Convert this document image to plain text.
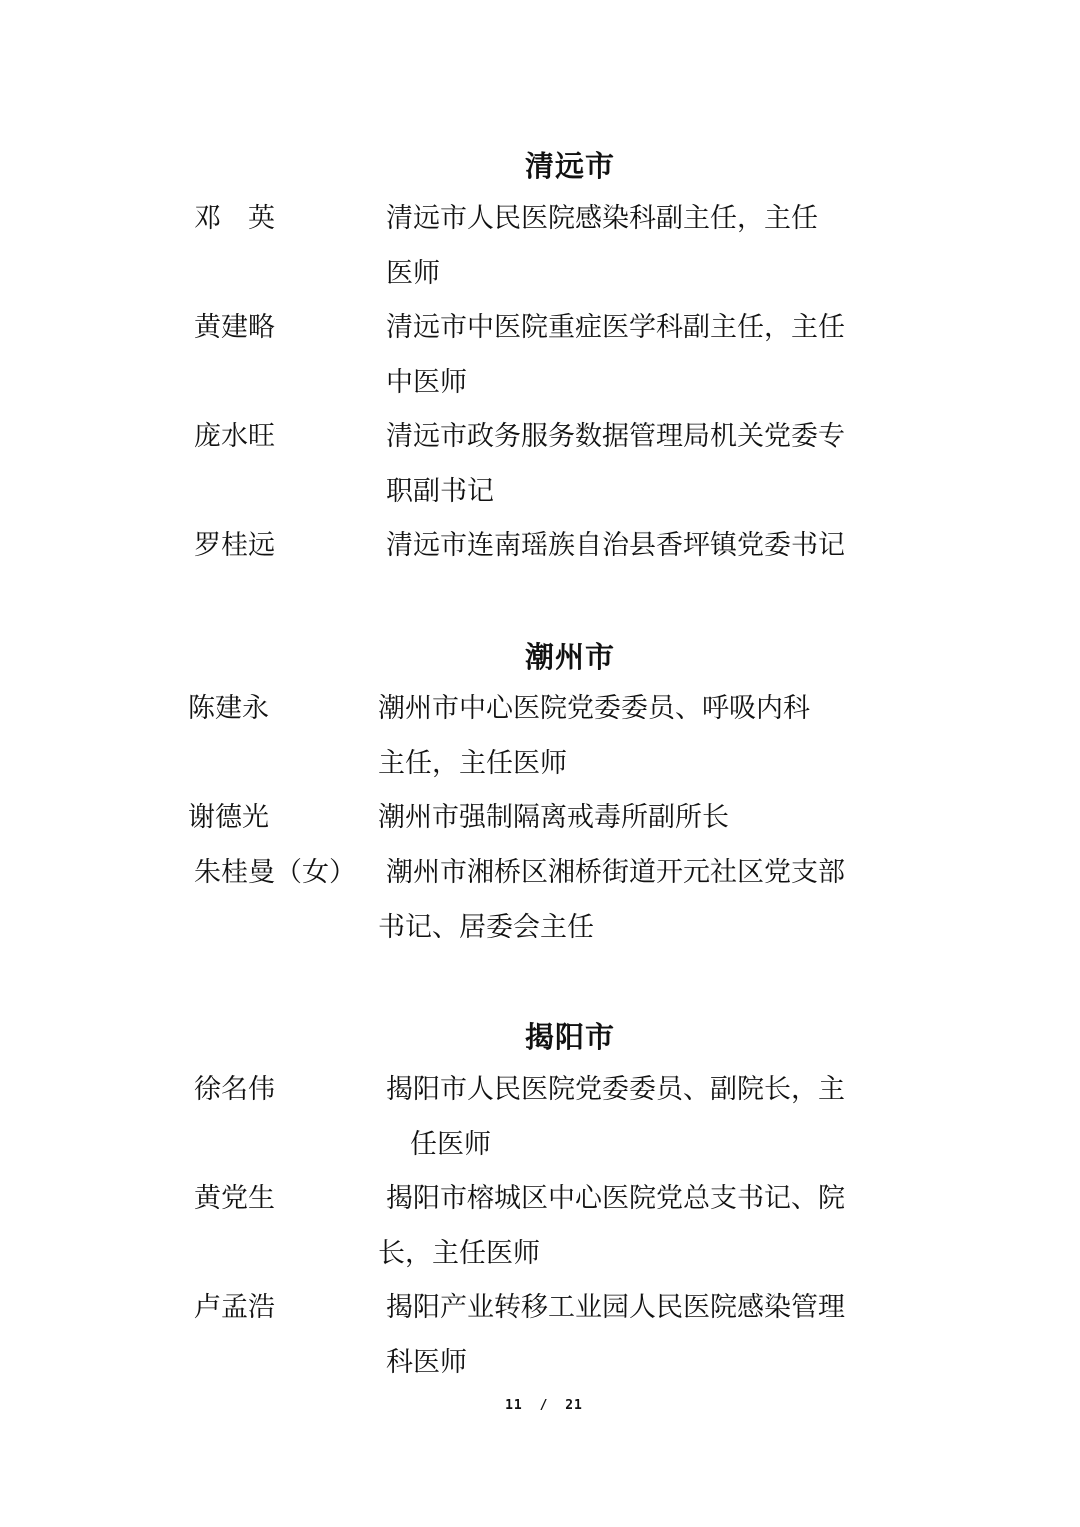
清远市
邓　英	清远市人民医院感染科副主任，主任
医师
黄建略	清远市中医院重症医学科副主任，主任
中医师
庞水旺	清远市政务服务数据管理局机关党委专
职副书记
罗桂远	清远市连南瑶族自治县香坪镇党委书记
潮州市
陈建永	潮州市中心医院党委委员、呼吸内科
主任，主任医师
谢德光	潮州市强制隔离戒毒所副所长
朱桂曼（女） 潮州市湘桥区湘桥街道开元社区党支部
书记、居委会主任
揭阳市
徐名伟	揭阳市人民医院党委委员、副院长，主
任医师
黄党生	揭阳市榕城区中心医院党总支书记、院
长，主任医师
卢孟浩	揭阳产业转移工业园人民医院感染管理
科医师
11 / 21
